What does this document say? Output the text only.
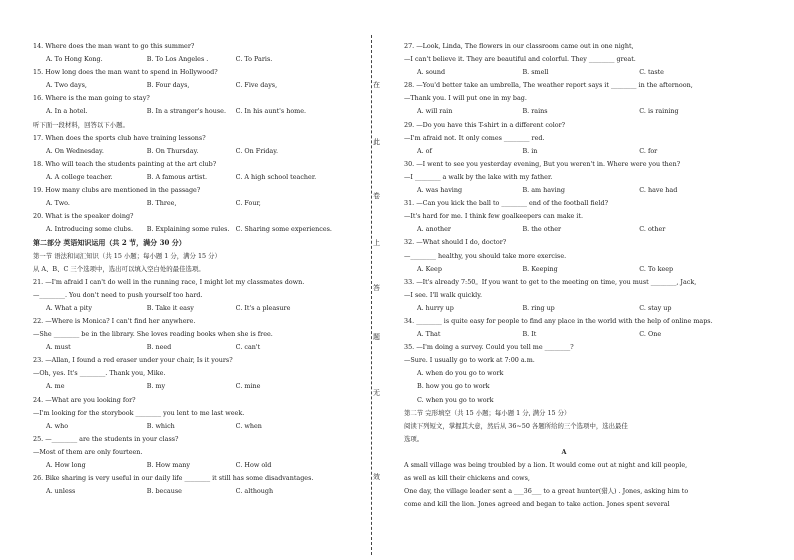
14. Where does the man want to go this summer?
A. To Hong Kong.	B. To Los Angeles .	C. To Paris.
15. How long does the man want to spend in Hollywood?
A. Two days,	B. Four days,	C. Five days,
16. Where is the man going to stay?
A. In a hotel.	B. In a stranger's house.	C. In his aunt's home.
听下面一段材料，回答以下小题。
17. When does the sports club have training lessons?
A. On Wednesday.	B. On Thursday.	C. On Friday.
18. Who will teach the students painting at the art club?
A. A college teacher.	B. A famous artist.	C. A high school teacher.
19. How many clubs are mentioned in the passage?
A. Two.	B. Three,	C. Four,
20. What is the speaker doing?
A. Introducing some clubs.	B. Explaining some rules. C. Sharing some experiences.
第二部分 英语知识运用（共 2 节，满分 30 分）
第一节 语法和词汇知识（共 15 小题；每小题 1 分，满分 15 分）
从 A、B、C 三个选项中，选出可以填入空白处的最佳选项。
21. —I'm afraid I can't do well in the running race, I might let my classmates down.
—________. You don't need to push yourself too hard.
A. What a pity	B. Take it easy	C. It's a pleasure
22. —Where is Monica? I can't find her anywhere.
—She ________ be in the library. She loves reading books when she is free.
A. must	B. need	C. can't
23. —Allan, I found a red eraser under your chair, Is it yours?
—Oh, yes. It's ________. Thank you, Mike.
A. me	B. my	C. mine
24. —What are you looking for?
—I'm looking for the storybook ________ you lent to me last week.
A. who	B. which	C. when
25. —________ are the students in your class?
—Most of them are only fourteen.
A. How long	B. How many	C. How old
26. Bike sharing is very useful in our daily life ________ it still has some disadvantages.
A. unless	B. because	C. although
在
此
卷
上
答
题
无
效
27. —Look, Linda, The flowers in our classroom came out in one night,
—I can't believe it. They are beautiful and colorful. They ________ great.
A. sound	B. smell	C. taste
28. —You'd better take an umbrella, The weather report says it ________ in the afternoon,
—Thank you. I will put one in my bag.
A. will rain	B. rains	C. is raining
29. —Do you have this T-shirt in a different color?
—I'm afraid not. It only comes ________ red.
A. of	B. in	C. for
30. —I went to see you yesterday evening, But you weren't in. Where were you then?
—I ________ a walk by the lake with my father.
A. was having	B. am having	C. have had
31. —Can you kick the ball to ________ end of the football field?
—It's hard for me. I think few goalkeepers can make it.
A. another	B. the other	C. other
32. —What should I do, doctor?
—________ healthy, you should take more exercise.
A. Keep	B. Keeping	C. To keep
33. —It's already 7:50。If you want to get to the meeting on time, you must ________, Jack,
—I see. I'll walk quickly.
A. hurry up	B. ring up	C. stay up
34. ________ is quite easy for people to find any place in the world with the help of online maps.
A. That	B. It	C. One
35. —I'm doing a survey. Could you tell me ________?
—Sure. I usually go to work at 7:00 a.m.
A. when do you go to work
B. how you go to work
C. when you go to work
第二节 完形填空（共 15 小题；每小题 1 分, 满分 15 分）
阅读下列短文，掌握其大意，然后从 36~50 各题所给的三个选项中，选出最佳
选项。
A
A small village was being troubled by a lion. It would come out at night and kill people,
as well as kill their chickens and cows,
One day, the village leader sent a ___36___ to a great hunter(猎人) . Jones, asking him to
come and kill the lion. Jones agreed and began to take action. Jones spent several
